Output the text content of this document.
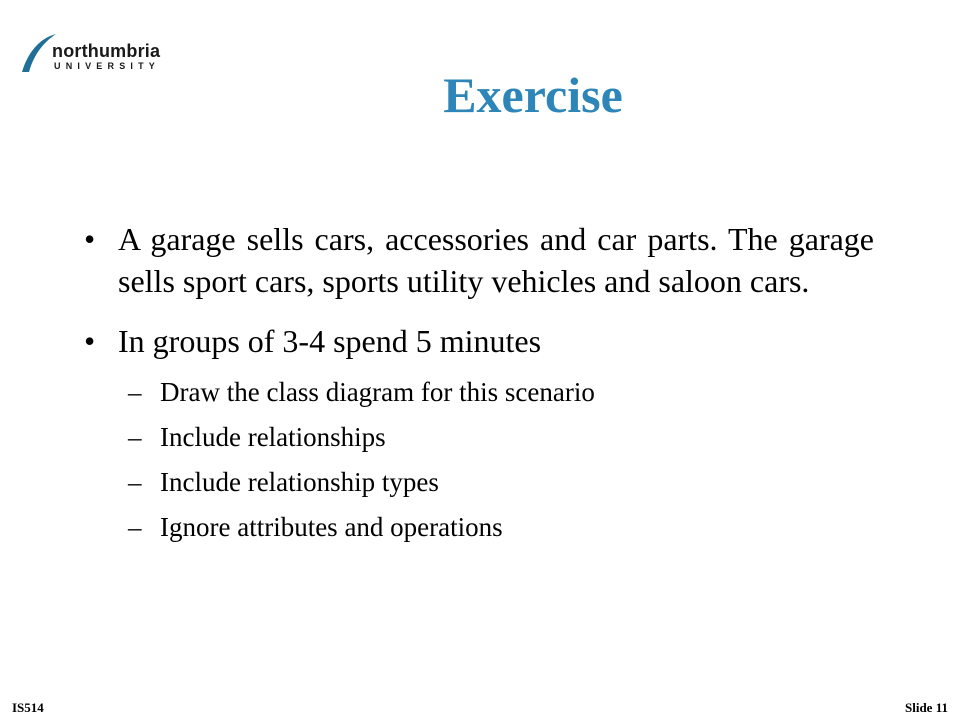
northumbria
UNIVERSITY
Exercise
• A garage sells cars, accessories and car parts. The garage sells sport cars, sports utility vehicles and saloon cars.
• In groups of 3-4 spend 5 minutes
– Draw the class diagram for this scenario
– Include relationships
– Include relationship types
– Ignore attributes and operations
IS514	Slide 11
